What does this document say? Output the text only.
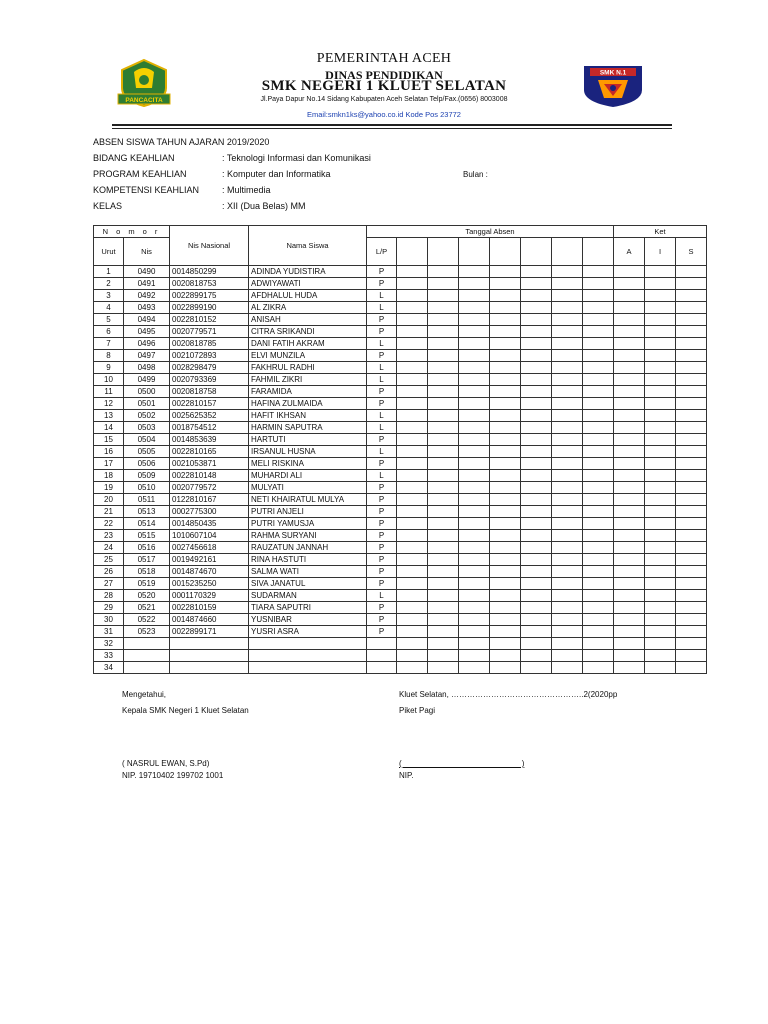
PANCACITA
SMK N.1
PEMERINTAH ACEH
DINAS PENDIDIKAN
SMK NEGERI 1 KLUET SELATAN
Jl.Paya Dapur No.14 Sidang Kabupaten Aceh Selatan Telp/Fax.(0656) 8003008
Email:smkn1ks@yahoo.co.id Kode Pos 23772
ABSEN SISWA TAHUN AJARAN 2019/2020
BIDANG KEAHLIAN	: Teknologi Informasi dan Komunikasi
PROGRAM KEAHLIAN	: Komputer dan Informatika
KOMPETENSI KEAHLIAN	: Multimedia
KELAS	: XII (Dua Belas) MM
Bulan :
N o m o r		Nis Nasional	Nama Siswa	Tanggal Absen								Ket		
Urut	Nis			L/P								A	I	S
1	0490	0014850299	ADINDA YUDISTIRA	P										
2	0491	0020818753	ADWIYAWATI	P										
3	0492	0022899175	AFDHALUL HUDA	L										
4	0493	0022899190	AL ZIKRA	L										
5	0494	0022810152	ANISAH	P										
6	0495	0020779571	CITRA SRIKANDI	P										
7	0496	0020818785	DANI FATIH AKRAM	L										
8	0497	0021072893	ELVI MUNZILA	P										
9	0498	0028298479	FAKHRUL RADHI	L										
10	0499	0020793369	FAHMIL ZIKRI	L										
11	0500	0020818758	FARAMIDA	P										
12	0501	0022810157	HAFINA ZULMAIDA	P										
13	0502	0025625352	HAFIT IKHSAN	L										
14	0503	0018754512	HARMIN SAPUTRA	L										
15	0504	0014853639	HARTUTI	P										
16	0505	0022810165	IRSANUL HUSNA	L										
17	0506	0021053871	MELI RISKINA	P										
18	0509	0022810148	MUHARDI ALI	L										
19	0510	0020779572	MULYATI	P										
20	0511	0122810167	NETI KHAIRATUL MULYA	P										
21	0513	0002775300	PUTRI ANJELI	P										
22	0514	0014850435	PUTRI YAMUSJA	P										
23	0515	1010607104	RAHMA SURYANI	P										
24	0516	0027456618	RAUZATUN JANNAH	P										
25	0517	0019492161	RINA HASTUTI	P										
26	0518	0014874670	SALMA WATI	P										
27	0519	0015235250	SIVA JANATUL	P										
28	0520	0001170329	SUDARMAN	L										
29	0521	0022810159	TIARA SAPUTRI	P										
30	0522	0014874660	YUSNIBAR	P										
31	0523	0022899171	YUSRI ASRA	P										
32														
33														
34														
Mengetahui,
Kepala SMK Negeri 1 Kluet Selatan
( NASRUL EWAN, S.Pd)
NIP. 19710402 199702 1001
Kluet Selatan, …………………………………………..2(2020pp
Piket Pagi
(                                                      )
NIP.
